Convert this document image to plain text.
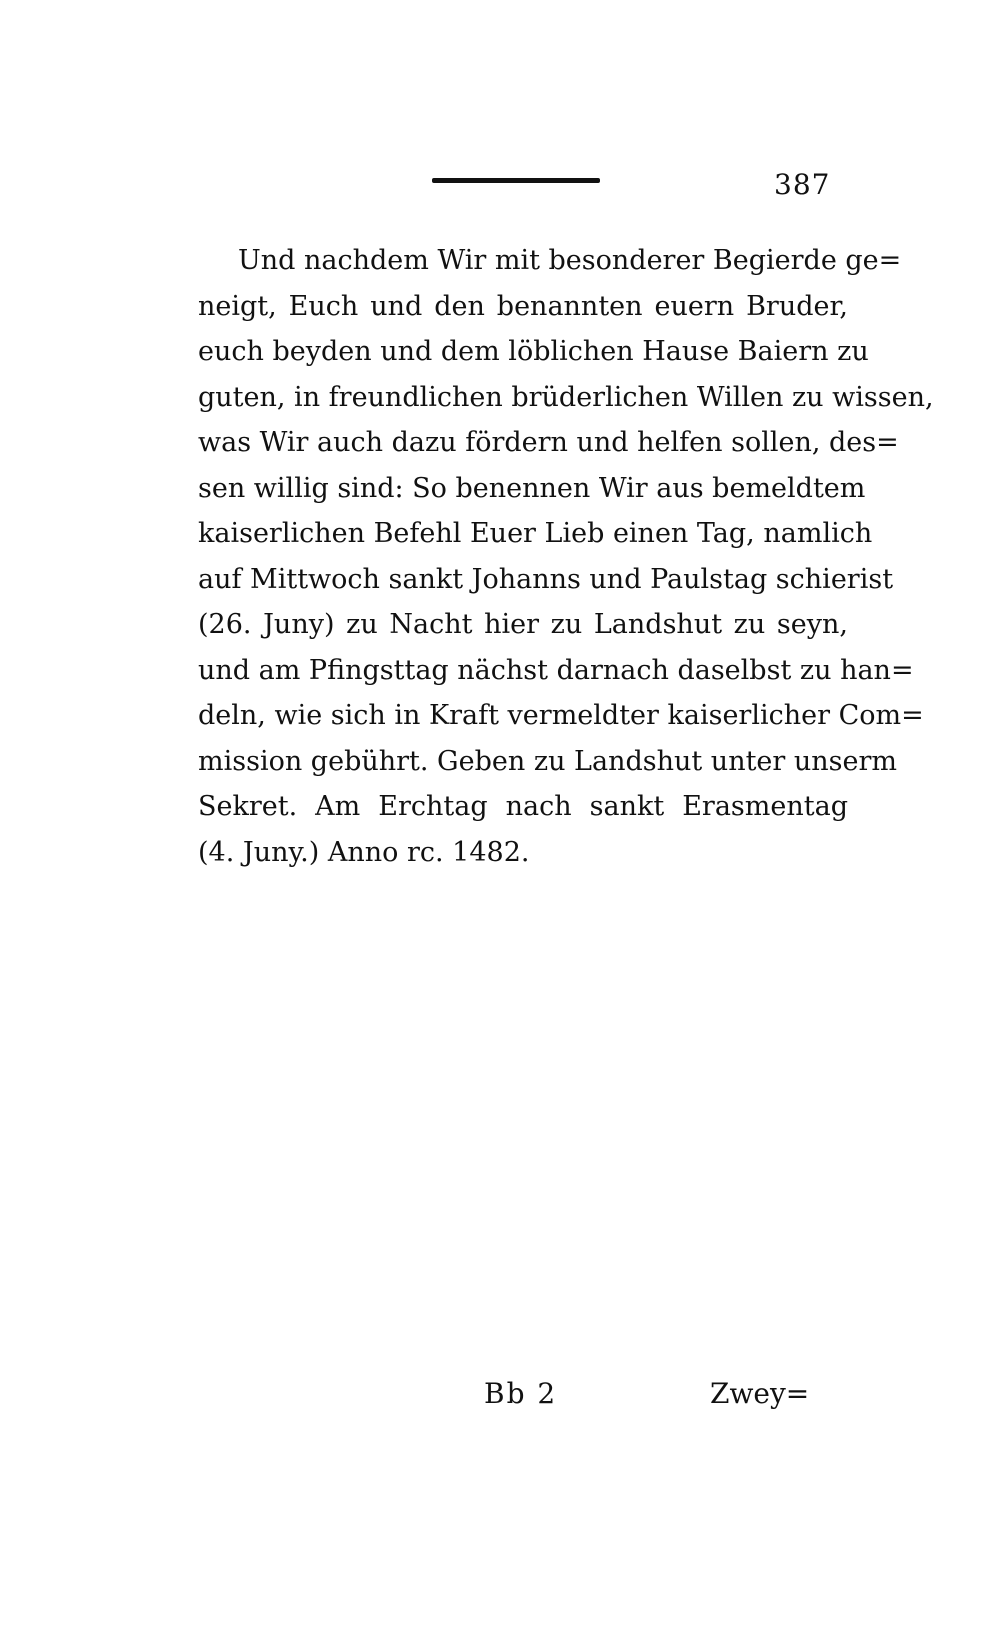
387

Und nachdem Wir mit besonderer Begierde ge=
neigt, Euch und den benannten euern Bruder,
euch beyden und dem löblichen Hause Baiern zu
guten, in freundlichen brüderlichen Willen zu wissen,
was Wir auch dazu fördern und helfen sollen, des=
sen willig sind: So benennen Wir aus bemeldtem
kaiserlichen Befehl Euer Lieb einen Tag, namlich
auf Mittwoch sankt Johanns und Paulstag schierist
(26. Juny) zu Nacht hier zu Landshut zu seyn,
und am Pfingsttag nächst darnach daselbst zu han=
deln, wie sich in Kraft vermeldter kaiserlicher Com=
mission gebührt. Geben zu Landshut unter unserm
Sekret. Am Erchtag nach sankt Erasmentag
(4. Juny.) Anno rc. 1482.

Bb 2	Zwey=
